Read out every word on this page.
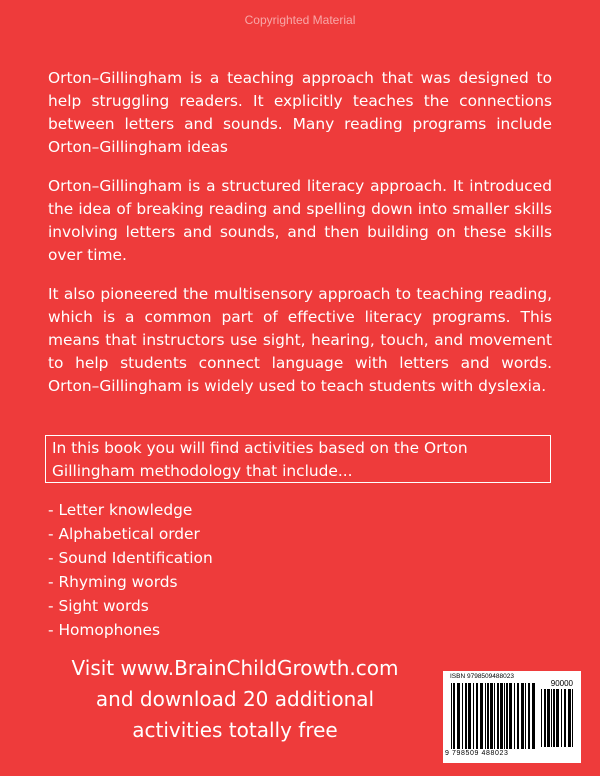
Copyrighted Material

Orton–Gillingham is a teaching approach that was designed to help struggling readers. It explicitly teaches the connections between letters and sounds. Many reading programs include Orton–Gillingham ideas

Orton–Gillingham is a structured literacy approach. It introduced the idea of breaking reading and spelling down into smaller skills involving letters and sounds, and then building on these skills over time.

It also pioneered the multisensory approach to teaching reading, which is a common part of effective literacy programs. This means that instructors use sight, hearing, touch, and movement to help students connect language with letters and words. Orton–Gillingham is widely used to teach students with dyslexia.

In this book you will find activities based on the Orton Gillingham methodology that include...
- Letter knowledge
- Alphabetical order
- Sound Identification
- Rhyming words
- Sight words
- Homophones
Visit www.BrainChildGrowth.com
and download 20 additional
activities totally free
ISBN 9798509488023
90000
9 798509 488023
